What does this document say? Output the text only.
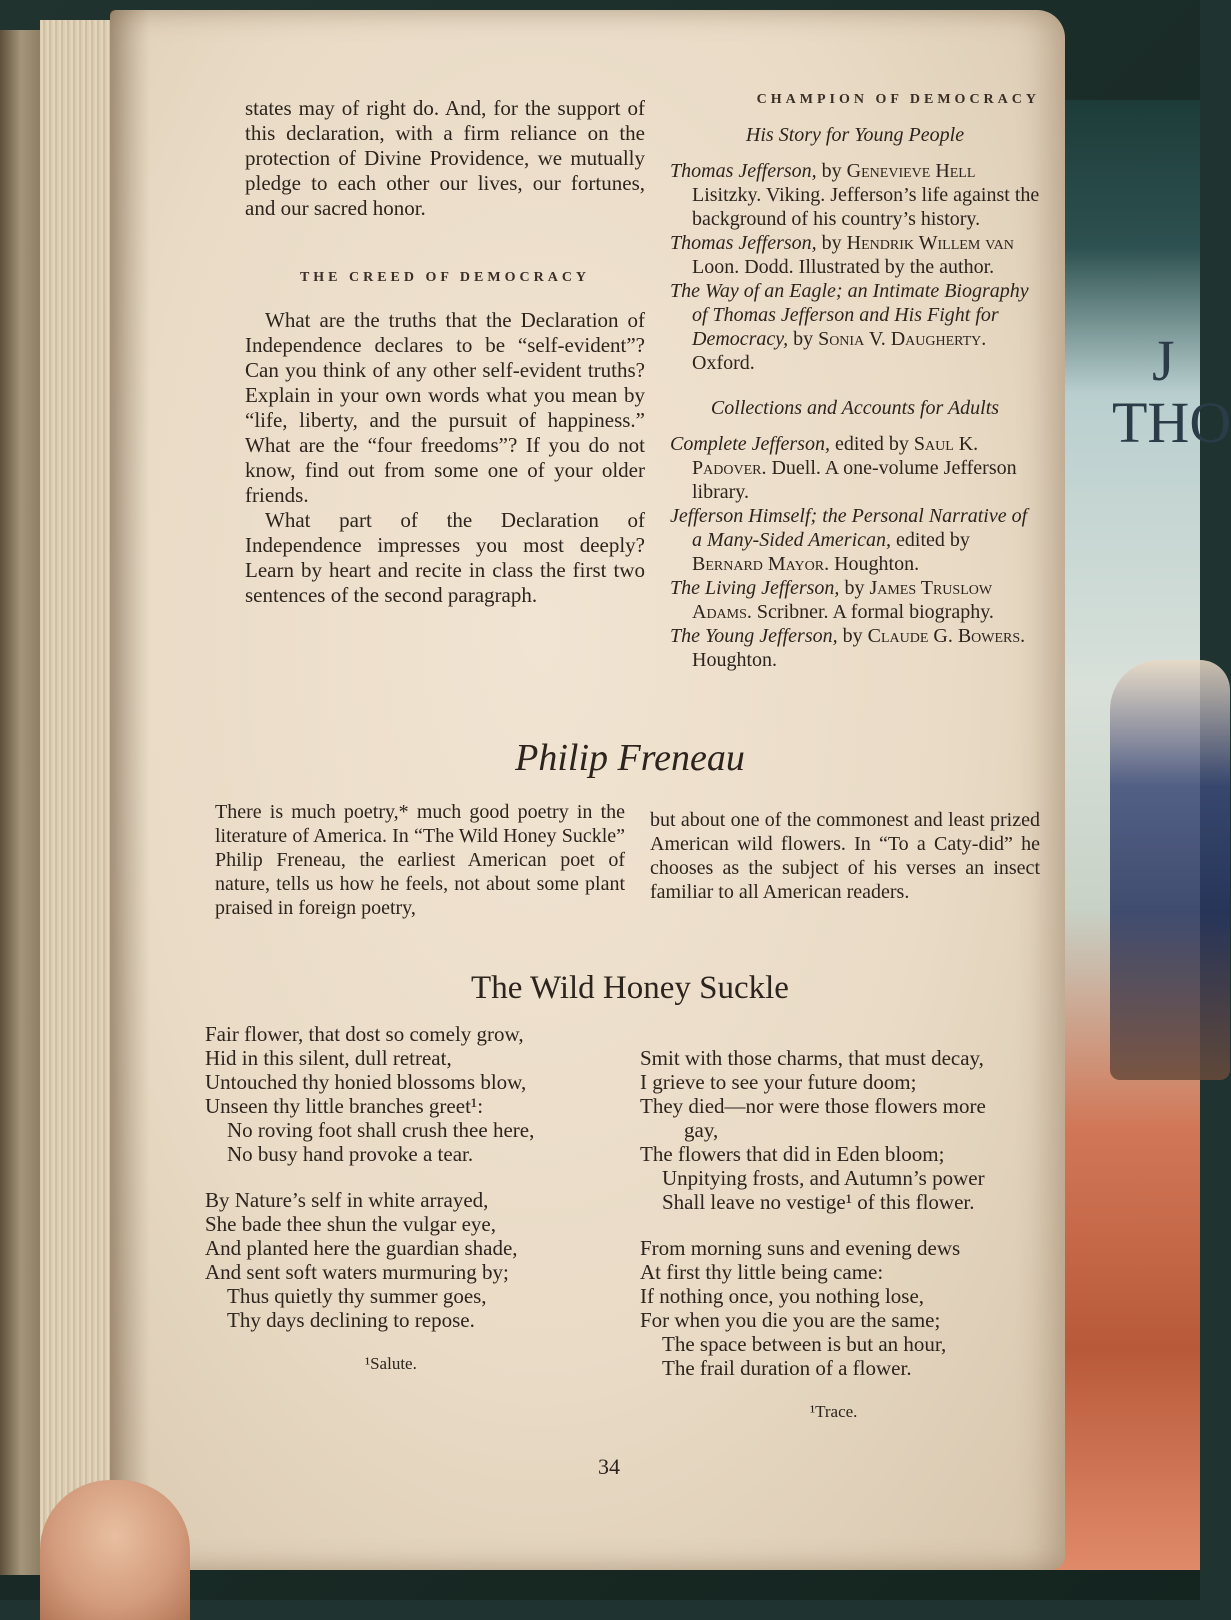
J
THO

states may of right do. And, for the support of this declaration, with a firm reliance on the protection of Divine Providence, we mutually pledge to each other our lives, our fortunes, and our sacred honor.

THE CREED OF DEMOCRACY

What are the truths that the Declaration of Independence declares to be “self-evident”? Can you think of any other self-evident truths? Explain in your own words what you mean by “life, liberty, and the pursuit of happiness.” What are the “four freedoms”? If you do not know, find out from some one of your older friends.

What part of the Declaration of Independence impresses you most deeply? Learn by heart and recite in class the first two sentences of the second paragraph.

CHAMPION OF DEMOCRACY
His Story for Young People

Thomas Jefferson, by Genevieve Hell Lisitzky. Viking. Jefferson’s life against the background of his country’s history.

Thomas Jefferson, by Hendrik Willem van Loon. Dodd. Illustrated by the author.

The Way of an Eagle; an Intimate Biography of Thomas Jefferson and His Fight for Democracy, by Sonia V. Daugherty. Oxford.

Collections and Accounts for Adults

Complete Jefferson, edited by Saul K. Padover. Duell. A one-volume Jefferson library.

Jefferson Himself; the Personal Narrative of a Many-Sided American, edited by Bernard Mayor. Houghton.

The Living Jefferson, by James Truslow Adams. Scribner. A formal biography.

The Young Jefferson, by Claude G. Bowers. Houghton.

Philip Freneau
There is much poetry,* much good poetry in the literature of America. In “The Wild Honey Suckle” Philip Freneau, the earliest American poet of nature, tells us how he feels, not about some plant praised in foreign poetry,
but about one of the commonest and least prized American wild flowers. In “To a Caty-did” he chooses as the subject of his verses an insect familiar to all American readers.
The Wild Honey Suckle
Fair flower, that dost so comely grow,
Hid in this silent, dull retreat,
Untouched thy honied blossoms blow,
Unseen thy little branches greet¹:
No roving foot shall crush thee here,
No busy hand provoke a tear.
By Nature’s self in white arrayed,
She bade thee shun the vulgar eye,
And planted here the guardian shade,
And sent soft waters murmuring by;
Thus quietly thy summer goes,
Thy days declining to repose.
¹Salute.
Smit with those charms, that must decay,
I grieve to see your future doom;
They died—nor were those flowers more
gay,
The flowers that did in Eden bloom;
Unpitying frosts, and Autumn’s power
Shall leave no vestige¹ of this flower.
From morning suns and evening dews
At first thy little being came:
If nothing once, you nothing lose,
For when you die you are the same;
The space between is but an hour,
The frail duration of a flower.
¹Trace.
34
